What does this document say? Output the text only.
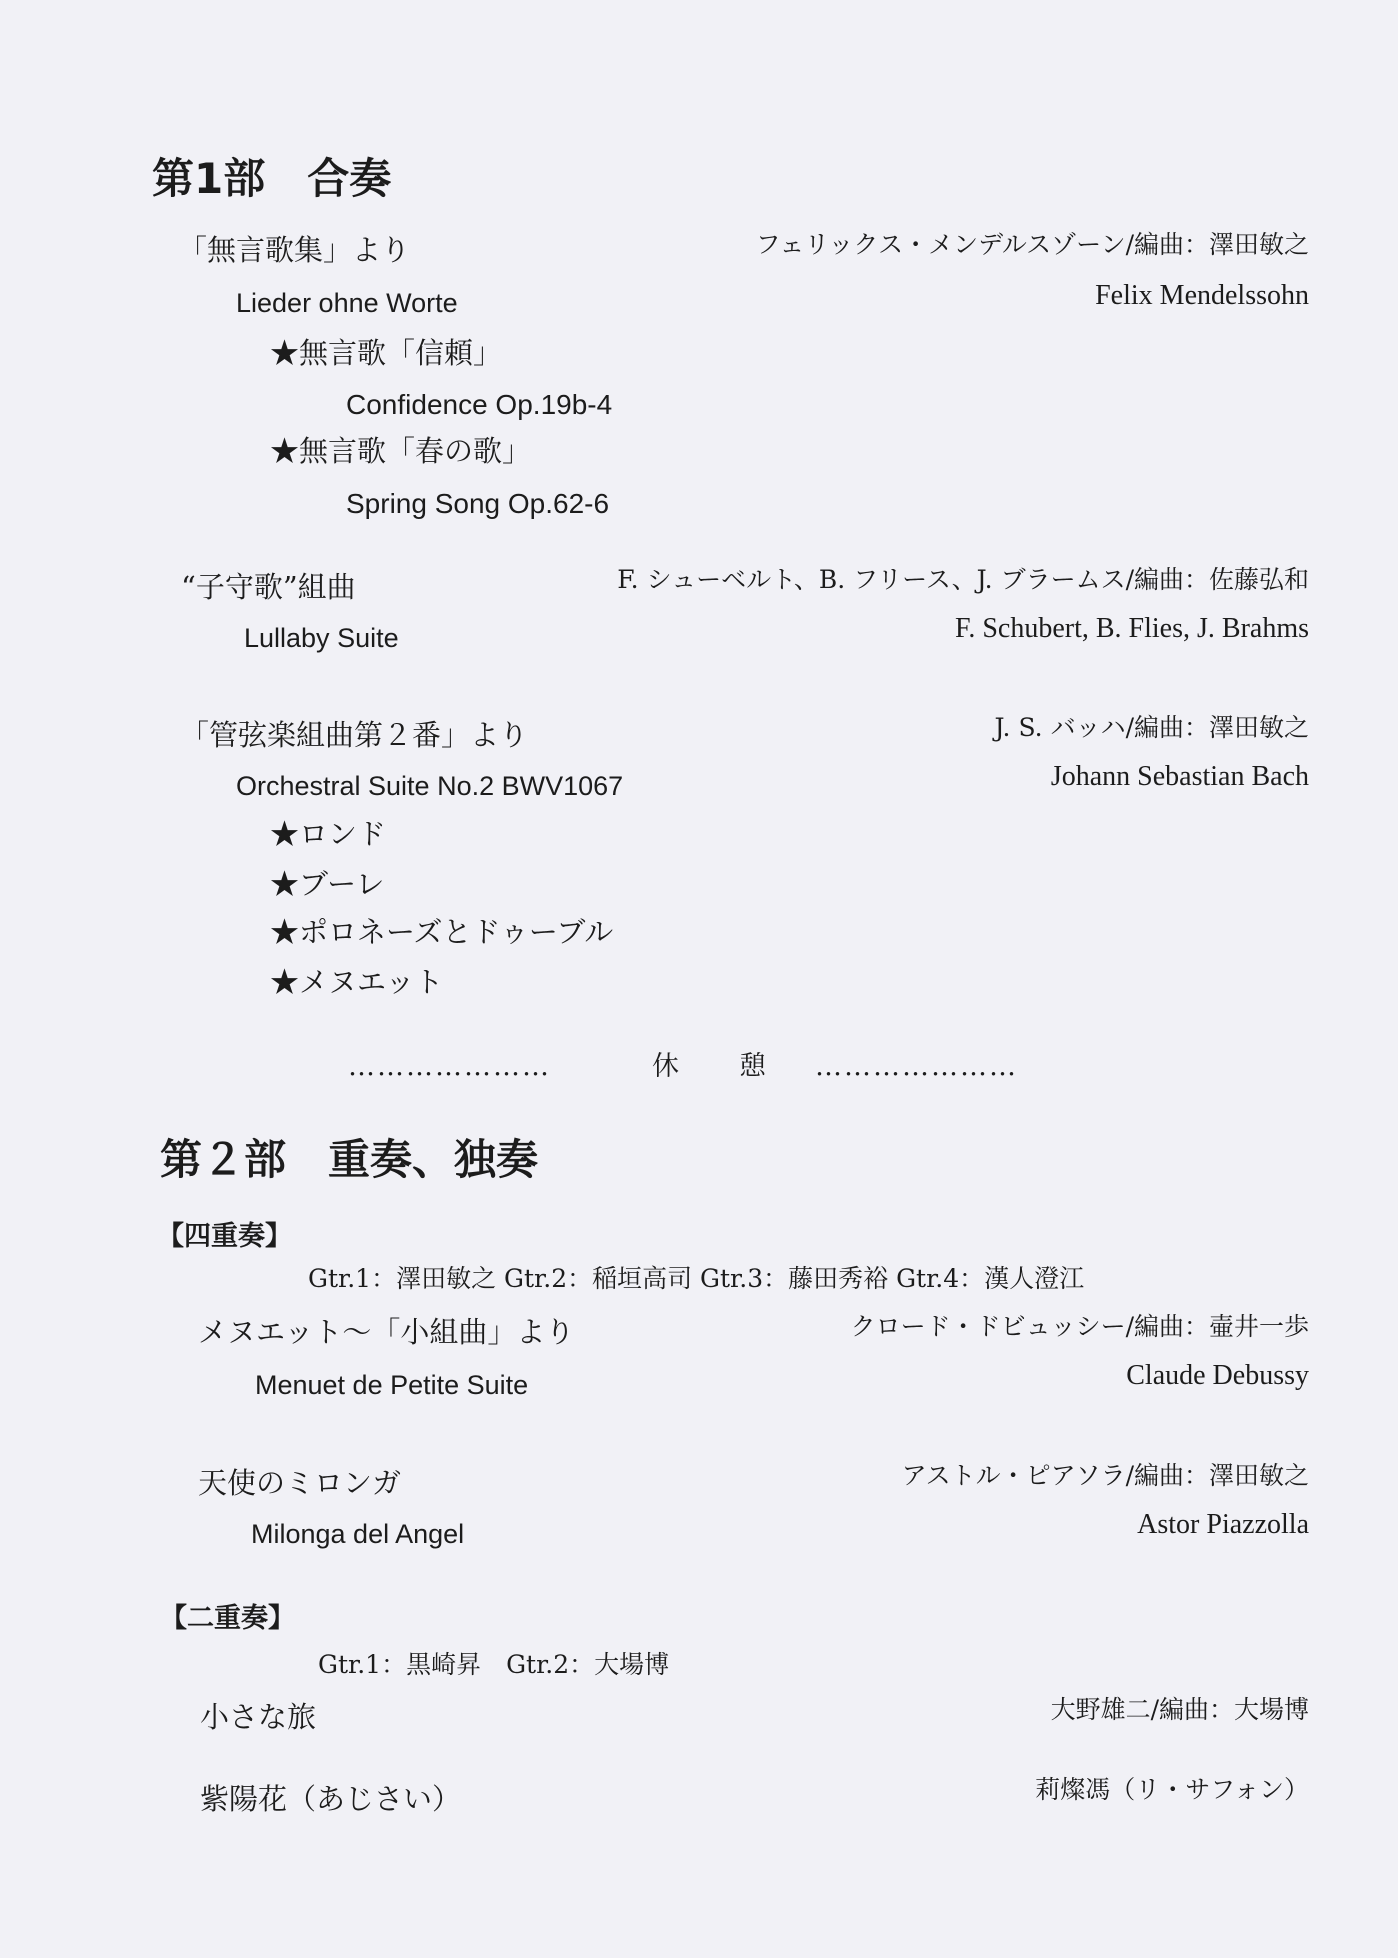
第1部　合奏
「無言歌集」より	フェリックス・メンデルスゾーン/編曲：澤田敏之
Lieder ohne Worte	Felix Mendelssohn
★無言歌「信頼」
Confidence Op.19b-4
★無言歌「春の歌」
Spring Song Op.62-6
“子守歌”組曲	F. シューベルト、B. フリース、J. ブラームス/編曲：佐藤弘和
Lullaby Suite	F. Schubert, B. Flies, J. Brahms
「管弦楽組曲第２番」より	J. S. バッハ/編曲：澤田敏之
Orchestral Suite No.2 BWV1067	Johann Sebastian Bach
★ロンド
★ブーレ
★ポロネーズとドゥーブル
★メヌエット
…………………	休　　憩 …………………
第２部　重奏、独奏
【四重奏】
Gtr.1：澤田敏之 Gtr.2：稲垣高司 Gtr.3：藤田秀裕 Gtr.4：漢人澄江
メヌエット～「小組曲」より	クロード・ドビュッシー/編曲：壷井一歩
Menuet de Petite Suite	Claude Debussy
天使のミロンガ	アストル・ピアソラ/編曲：澤田敏之
Milonga del Angel	Astor Piazzolla
【二重奏】
Gtr.1：黒崎昇　Gtr.2：大場博
小さな旅	大野雄二/編曲：大場博
紫陽花（あじさい）	莉燦馮（リ・サフォン）
